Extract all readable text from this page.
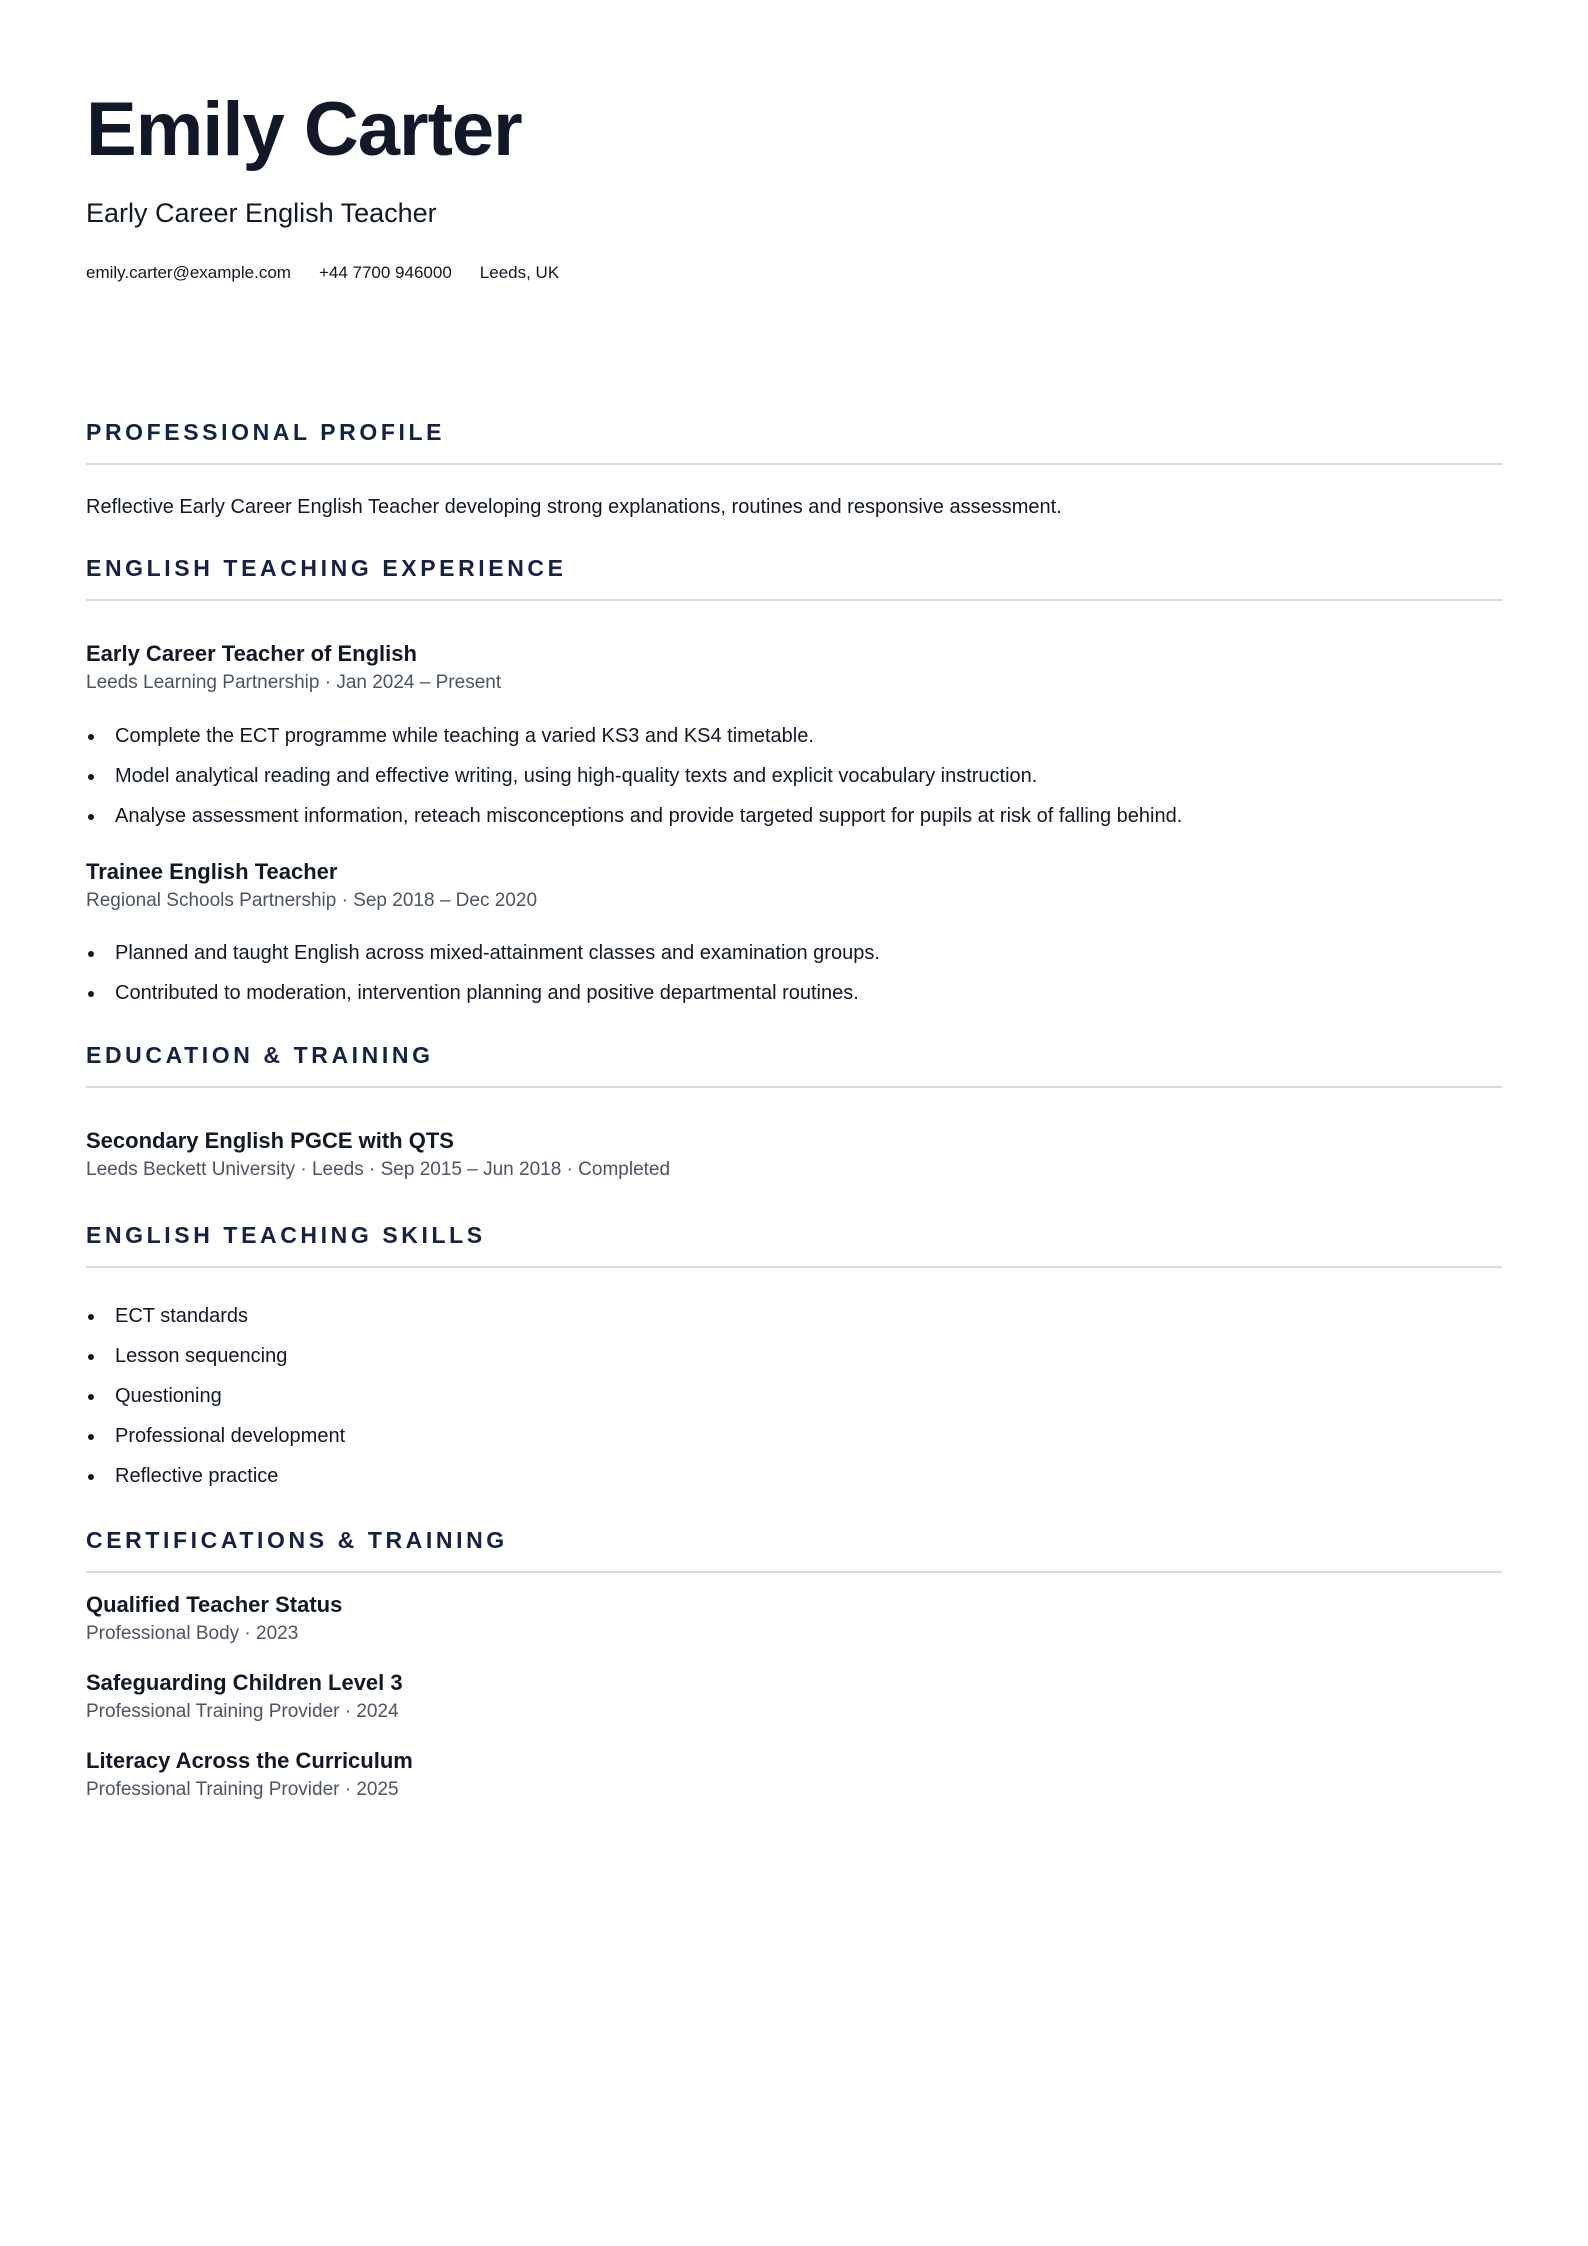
Emily Carter
Early Career English Teacher
emily.carter@example.com +44 7700 946000 Leeds, UK
PROFESSIONAL PROFILE

Reflective Early Career English Teacher developing strong explanations, routines and responsive assessment.

ENGLISH TEACHING EXPERIENCE
Early Career Teacher of English
Leeds Learning Partnership · Jan 2024 – Present
Complete the ECT programme while teaching a varied KS3 and KS4 timetable.
Model analytical reading and effective writing, using high-quality texts and explicit vocabulary instruction.
Analyse assessment information, reteach misconceptions and provide targeted support for pupils at risk of falling behind.
Trainee English Teacher
Regional Schools Partnership · Sep 2018 – Dec 2020
Planned and taught English across mixed-attainment classes and examination groups.
Contributed to moderation, intervention planning and positive departmental routines.
EDUCATION & TRAINING
Secondary English PGCE with QTS
Leeds Beckett University · Leeds · Sep 2015 – Jun 2018 · Completed
ENGLISH TEACHING SKILLS
ECT standards
Lesson sequencing
Questioning
Professional development
Reflective practice
CERTIFICATIONS & TRAINING
Qualified Teacher Status
Professional Body · 2023
Safeguarding Children Level 3
Professional Training Provider · 2024
Literacy Across the Curriculum
Professional Training Provider · 2025
